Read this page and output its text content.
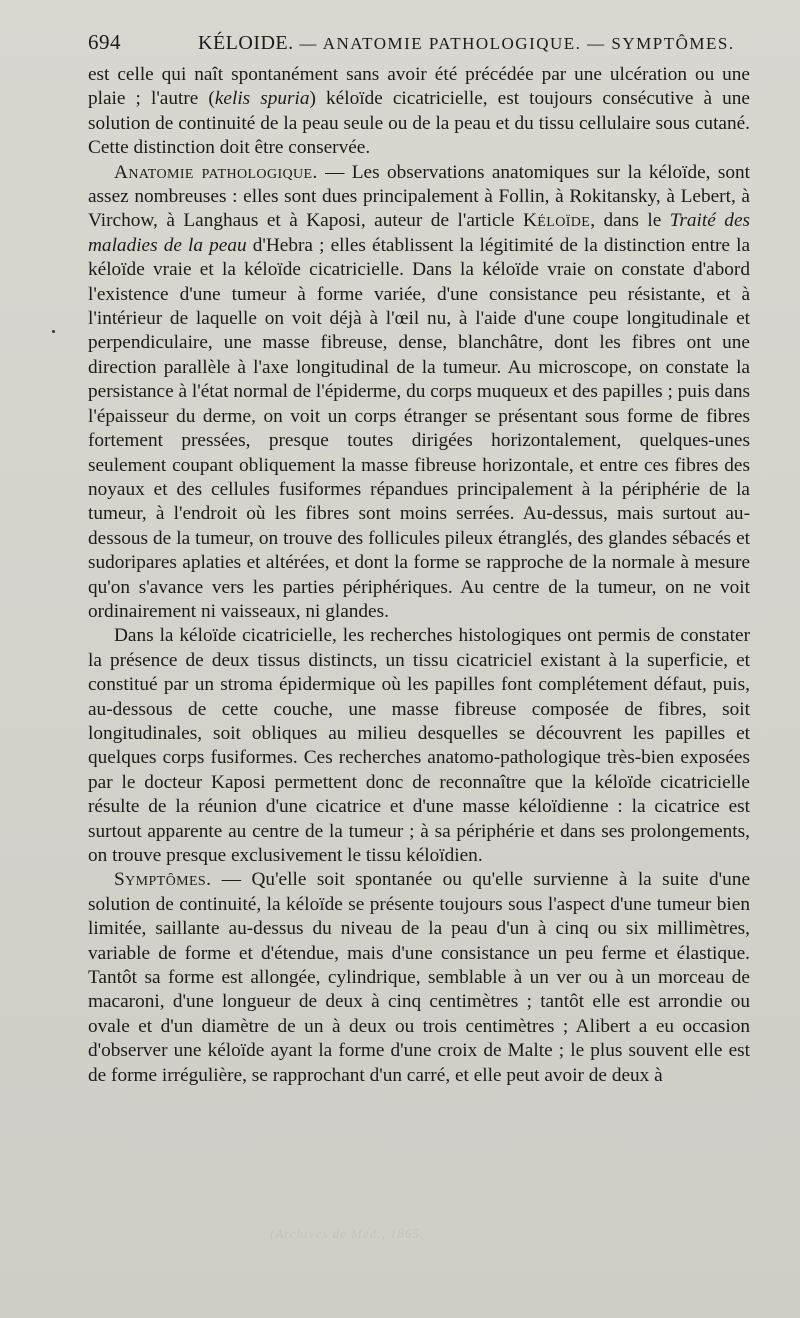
694	KÉLOIDE. — ANATOMIE PATHOLOGIQUE. — SYMPTÔMES.

est celle qui naît spontanément sans avoir été précédée par une ulcération ou une plaie ; l'autre (kelis spuria) kéloïde cicatricielle, est toujours consécutive à une solution de continuité de la peau seule ou de la peau et du tissu cellulaire sous cutané. Cette distinction doit être conservée.

Anatomie pathologique. — Les observations anatomiques sur la kéloïde, sont assez nombreuses : elles sont dues principalement à Follin, à Rokitansky, à Lebert, à Virchow, à Langhaus et à Kaposi, auteur de l'article Kéloïde, dans le Traité des maladies de la peau d'Hebra ; elles établissent la légitimité de la distinction entre la kéloïde vraie et la kéloïde cicatricielle. Dans la kéloïde vraie on constate d'abord l'existence d'une tumeur à forme variée, d'une consistance peu résistante, et à l'intérieur de laquelle on voit déjà à l'œil nu, à l'aide d'une coupe longitudinale et perpendiculaire, une masse fibreuse, dense, blanchâtre, dont les fibres ont une direction parallèle à l'axe longitudinal de la tumeur. Au microscope, on constate la persistance à l'état normal de l'épiderme, du corps muqueux et des papilles ; puis dans l'épaisseur du derme, on voit un corps étranger se présentant sous forme de fibres fortement pressées, presque toutes dirigées horizontalement, quelques-unes seulement coupant obliquement la masse fibreuse horizontale, et entre ces fibres des noyaux et des cellules fusiformes répandues principalement à la périphérie de la tumeur, à l'endroit où les fibres sont moins serrées. Au-dessus, mais surtout au-dessous de la tumeur, on trouve des follicules pileux étranglés, des glandes sébacés et sudoripares aplaties et altérées, et dont la forme se rapproche de la normale à mesure qu'on s'avance vers les parties périphériques. Au centre de la tumeur, on ne voit ordinairement ni vaisseaux, ni glandes.

Dans la kéloïde cicatricielle, les recherches histologiques ont permis de constater la présence de deux tissus distincts, un tissu cicatriciel existant à la superficie, et constitué par un stroma épidermique où les papilles font complétement défaut, puis, au-dessous de cette couche, une masse fibreuse composée de fibres, soit longitudinales, soit obliques au milieu desquelles se découvrent les papilles et quelques corps fusiformes. Ces recherches anatomo-pathologique très-bien exposées par le docteur Kaposi permettent donc de reconnaître que la kéloïde cicatricielle résulte de la réunion d'une cicatrice et d'une masse kéloïdienne : la cicatrice est surtout apparente au centre de la tumeur ; à sa périphérie et dans ses prolongements, on trouve presque exclusivement le tissu kéloïdien.

Symptômes. — Qu'elle soit spontanée ou qu'elle survienne à la suite d'une solution de continuité, la kéloïde se présente toujours sous l'aspect d'une tumeur bien limitée, saillante au-dessus du niveau de la peau d'un à cinq ou six millimètres, variable de forme et d'étendue, mais d'une consistance un peu ferme et élastique. Tantôt sa forme est allongée, cylindrique, semblable à un ver ou à un morceau de macaroni, d'une longueur de deux à cinq centimètres ; tantôt elle est arrondie ou ovale et d'un diamètre de un à deux ou trois centimètres ; Alibert a eu occasion d'observer une kéloïde ayant la forme d'une croix de Malte ; le plus souvent elle est de forme irrégulière, se rapprochant d'un carré, et elle peut avoir de deux à

(Archives de Méd., 1865.
